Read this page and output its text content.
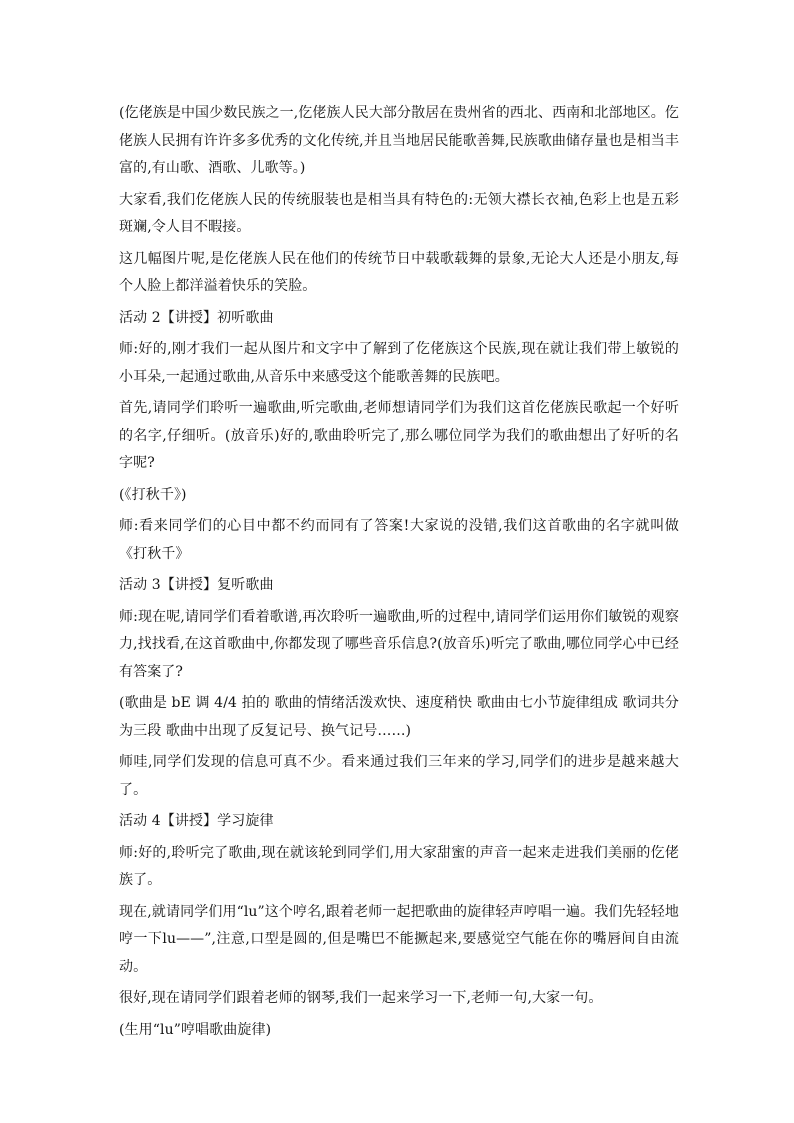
(仡佬族是中国少数民族之一,仡佬族人民大部分散居在贵州省的西北、西南和北部地区。仡佬族人民拥有许许多多优秀的文化传统,并且当地居民能歌善舞,民族歌曲储存量也是相当丰富的,有山歌、酒歌、儿歌等。)

大家看,我们仡佬族人民的传统服装也是相当具有特色的:无领大襟长衣袖,色彩上也是五彩斑斓,令人目不暇接。

这几幅图片呢,是仡佬族人民在他们的传统节日中载歌载舞的景象,无论大人还是小朋友,每个人脸上都洋溢着快乐的笑脸。

活动 2【讲授】初听歌曲

师:好的,刚才我们一起从图片和文字中了解到了仡佬族这个民族,现在就让我们带上敏锐的小耳朵,一起通过歌曲,从音乐中来感受这个能歌善舞的民族吧。

首先,请同学们聆听一遍歌曲,听完歌曲,老师想请同学们为我们这首仡佬族民歌起一个好听的名字,仔细听。(放音乐)好的,歌曲聆听完了,那么哪位同学为我们的歌曲想出了好听的名字呢?

(《打秋千》)

师:看来同学们的心目中都不约而同有了答案!大家说的没错,我们这首歌曲的名字就叫做《打秋千》

活动 3【讲授】复听歌曲

师:现在呢,请同学们看着歌谱,再次聆听一遍歌曲,听的过程中,请同学们运用你们敏锐的观察力,找找看,在这首歌曲中,你都发现了哪些音乐信息?(放音乐)听完了歌曲,哪位同学心中已经有答案了?

(歌曲是 bE 调 4/4 拍的 歌曲的情绪活泼欢快、速度稍快 歌曲由七小节旋律组成 歌词共分为三段 歌曲中出现了反复记号、换气记号……)

师哇,同学们发现的信息可真不少。看来通过我们三年来的学习,同学们的进步是越来越大了。

活动 4【讲授】学习旋律

师:好的,聆听完了歌曲,现在就该轮到同学们,用大家甜蜜的声音一起来走进我们美丽的仡佬族了。

现在,就请同学们用“lu”这个哼名,跟着老师一起把歌曲的旋律轻声哼唱一遍。我们先轻轻地哼一下lu——”,注意,口型是圆的,但是嘴巴不能撅起来,要感觉空气能在你的嘴唇间自由流动。

很好,现在请同学们跟着老师的钢琴,我们一起来学习一下,老师一句,大家一句。

(生用“lu”哼唱歌曲旋律)
